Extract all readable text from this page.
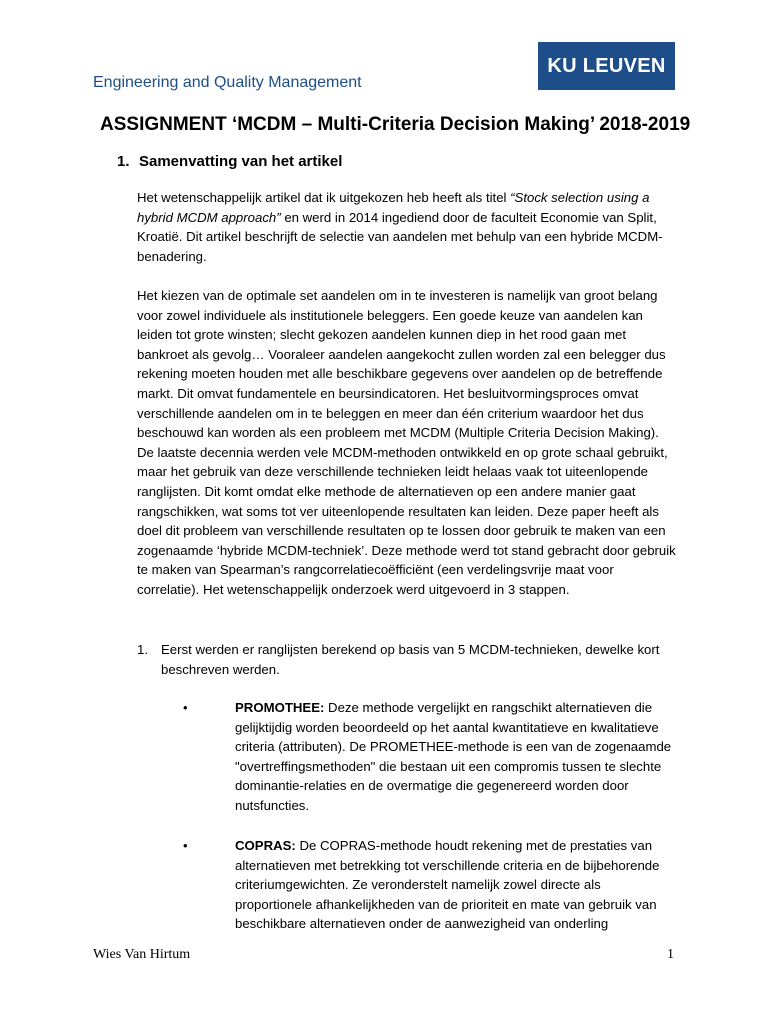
KU LEUVEN
Engineering and Quality Management
ASSIGNMENT ‘MCDM – Multi-Criteria Decision Making’ 2018-2019
1. Samenvatting van het artikel
Het wetenschappelijk artikel dat ik uitgekozen heb heeft als titel “Stock selection using a hybrid MCDM approach” en werd in 2014 ingediend door de faculteit Economie van Split, Kroatië. Dit artikel beschrijft de selectie van aandelen met behulp van een hybride MCDM-benadering.
Het kiezen van de optimale set aandelen om in te investeren is namelijk van groot belang voor zowel individuele als institutionele beleggers. Een goede keuze van aandelen kan leiden tot grote winsten; slecht gekozen aandelen kunnen diep in het rood gaan met bankroet als gevolg… Vooraleer aandelen aangekocht zullen worden zal een belegger dus rekening moeten houden met alle beschikbare gegevens over aandelen op de betreffende markt. Dit omvat fundamentele en beursindicatoren. Het besluitvormingsproces omvat verschillende aandelen om in te beleggen en meer dan één criterium waardoor het dus beschouwd kan worden als een probleem met MCDM (Multiple Criteria Decision Making). De laatste decennia werden vele MCDM-methoden ontwikkeld en op grote schaal gebruikt, maar het gebruik van deze verschillende technieken leidt helaas vaak tot uiteenlopende ranglijsten. Dit komt omdat elke methode de alternatieven op een andere manier gaat rangschikken, wat soms tot ver uiteenlopende resultaten kan leiden. Deze paper heeft als doel dit probleem van verschillende resultaten op te lossen door gebruik te maken van een zogenaamde ‘hybride MCDM-techniek’. Deze methode werd tot stand gebracht door gebruik te maken van Spearman’s rangcorrelatiecoëfficiënt (een verdelingsvrije maat voor correlatie). Het wetenschappelijk onderzoek werd uitgevoerd in 3 stappen.
1. Eerst werden er ranglijsten berekend op basis van 5 MCDM-technieken, dewelke kort beschreven werden.
•	PROMOTHEE: Deze methode vergelijkt en rangschikt alternatieven die gelijktijdig worden beoordeeld op het aantal kwantitatieve en kwalitatieve criteria (attributen). De PROMETHEE-methode is een van de zogenaamde "overtreffingsmethoden" die bestaan uit een compromis tussen te slechte dominantie-relaties en de overmatige die gegenereerd worden door nutsfuncties.
•	COPRAS: De COPRAS-methode houdt rekening met de prestaties van alternatieven met betrekking tot verschillende criteria en de bijbehorende criteriumgewichten. Ze veronderstelt namelijk zowel directe als proportionele afhankelijkheden van de prioriteit en mate van gebruik van beschikbare alternatieven onder de aanwezigheid van onderling
Wies Van Hirtum	1
